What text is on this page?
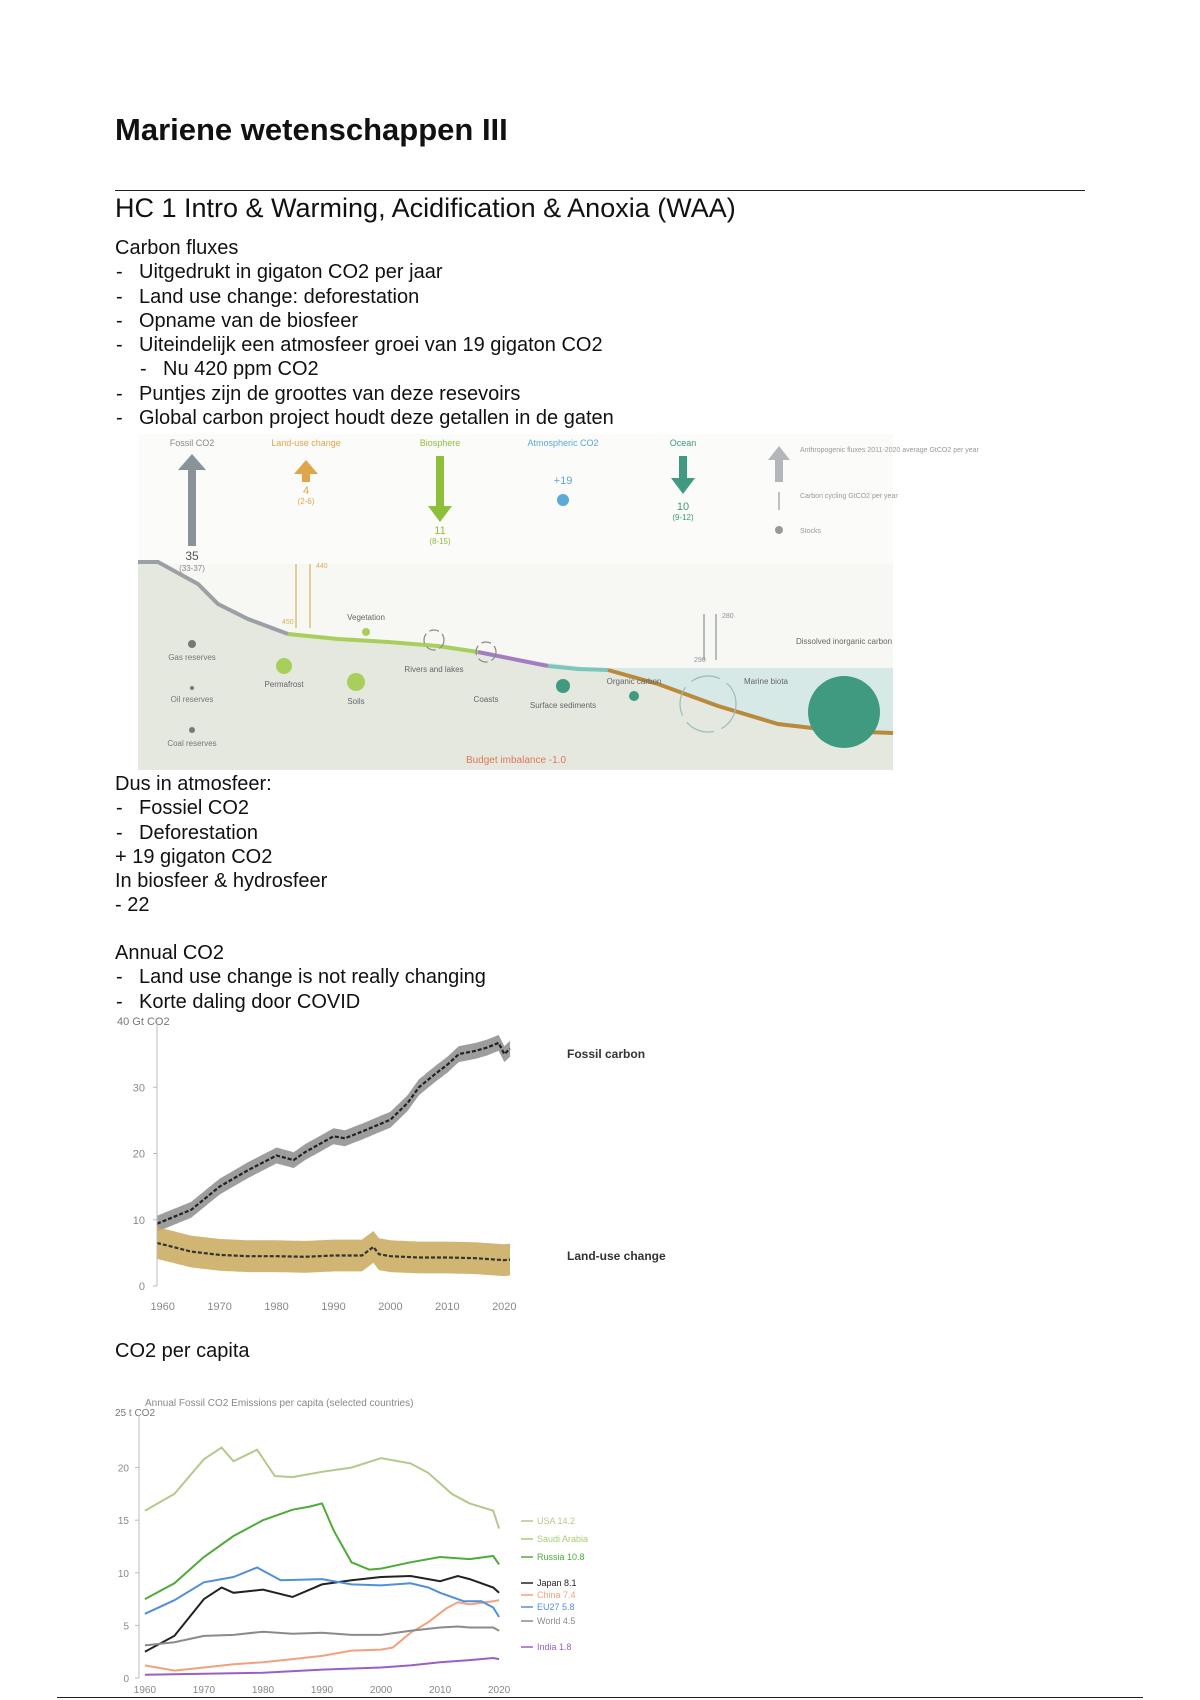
Mariene wetenschappen III
HC 1 Intro & Warming, Acidification & Anoxia (WAA)
Carbon fluxes
- Uitgedrukt in gigaton CO2 per jaar
- Land use change: deforestation
- Opname van de biosfeer
- Uiteindelijk een atmosfeer groei van 19 gigaton CO2
- Nu 420 ppm CO2
- Puntjes zijn de groottes van deze resevoirs
- Global carbon project houdt deze getallen in de gaten
Fossil CO2	Land-use change	Biosphere	Atmospheric CO2	Ocean
35
(33-37)
4
(2-6)
11
(8-15)
+19
10
(9-12)
Anthropogenic fluxes 2011-2020 average GtCO2 per year
Carbon cycling GtCO2 per year
Stocks
440
450
280
290
Gas reserves
Oil reserves
Coal reserves
Vegetation
Permafrost
Soils
Rivers and lakes
Coasts
Surface sediments
Organic carbon	Marine biota
Dissolved inorganic carbon
Budget imbalance -1.0
Dus in atmosfeer:
- Fossiel CO2
- Deforestation
+ 19 gigaton CO2
In biosfeer & hydrosfeer
- 22
Annual CO2
- Land use change is not really changing
- Korte daling door COVID
40 Gt CO2
0
10
20
30
1960	1970	1980	1990	2000	2010	2020
Fossil carbon
Land-use change
CO2 per capita
Annual Fossil CO2 Emissions per capita (selected countries)
25 t CO2
0
5
10
15
20
1960	1970	1980	1990	2000	2010	2020
USA 14.2
Saudi Arabia
Russia 10.8
Japan 8.1
China 7.4
EU27 5.8
World 4.5
India 1.8
